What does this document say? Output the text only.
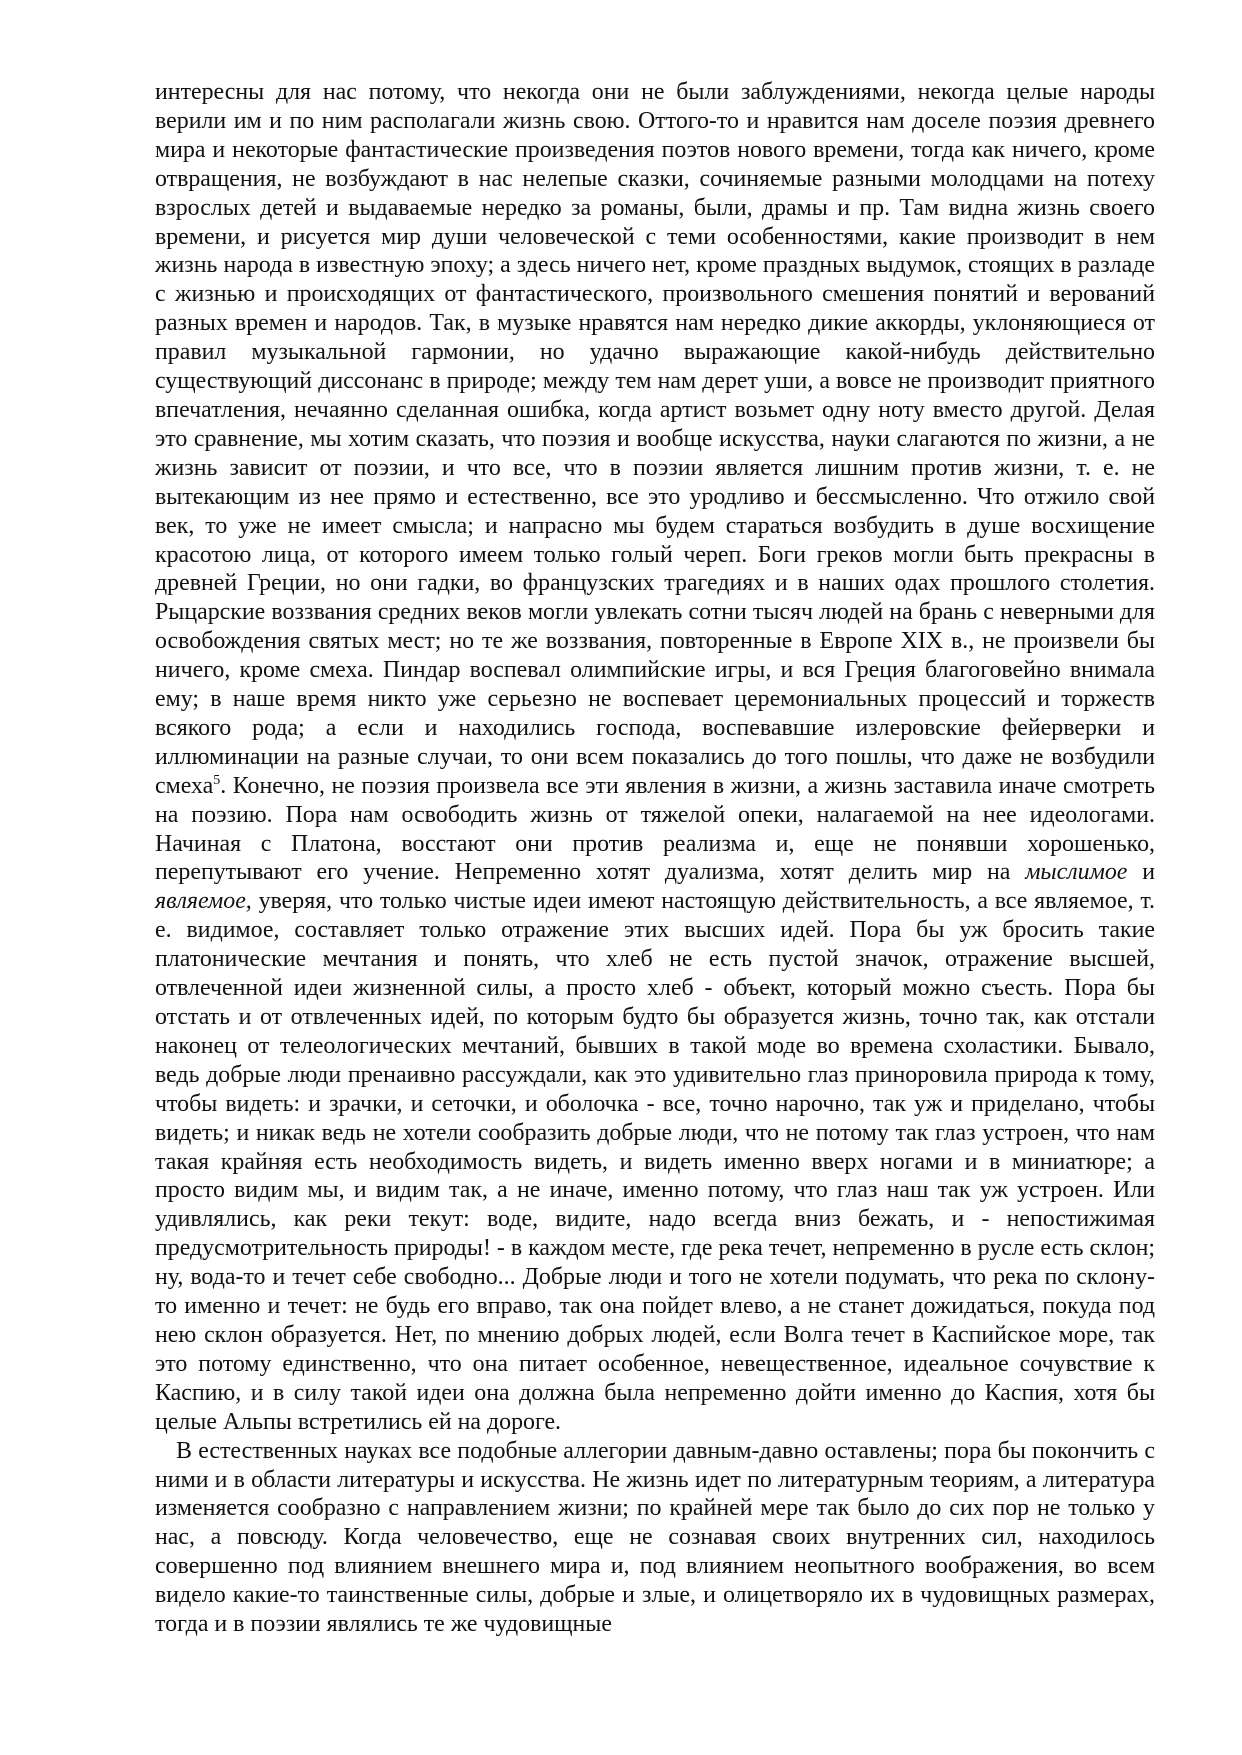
интересны для нас потому, что некогда они не были заблуждениями, некогда целые народы верили им и по ним располагали жизнь свою. Оттого-то и нравится нам доселе поэзия древнего мира и некоторые фантастические произведения поэтов нового времени, тогда как ничего, кроме отвращения, не возбуждают в нас нелепые сказки, сочиняемые разными молодцами на потеху взрослых детей и выдаваемые нередко за романы, были, драмы и пр. Там видна жизнь своего времени, и рисуется мир души человеческой с теми особенностями, какие производит в нем жизнь народа в известную эпоху; а здесь ничего нет, кроме праздных выдумок, стоящих в разладе с жизнью и происходящих от фантастического, произвольного смешения понятий и верований разных времен и народов. Так, в музыке нравятся нам нередко дикие аккорды, уклоняющиеся от правил музыкальной гармонии, но удачно выражающие какой-нибудь действительно существующий диссонанс в природе; между тем нам дерет уши, а вовсе не производит приятного впечатления, нечаянно сделанная ошибка, когда артист возьмет одну ноту вместо другой. Делая это сравнение, мы хотим сказать, что поэзия и вообще искусства, науки слагаются по жизни, а не жизнь зависит от поэзии, и что все, что в поэзии является лишним против жизни, т. е. не вытекающим из нее прямо и естественно, все это уродливо и бессмысленно. Что отжило свой век, то уже не имеет смысла; и напрасно мы будем стараться возбудить в душе восхищение красотою лица, от которого имеем только голый череп. Боги греков могли быть прекрасны в древней Греции, но они гадки, во французских трагедиях и в наших одах прошлого столетия. Рыцарские воззвания средних веков могли увлекать сотни тысяч людей на брань с неверными для освобождения святых мест; но те же воззвания, повторенные в Европе XIX в., не произвели бы ничего, кроме смеха. Пиндар воспевал олимпийские игры, и вся Греция благоговейно внимала ему; в наше время никто уже серьезно не воспевает церемониальных процессий и торжеств всякого рода; а если и находились господа, воспевавшие излеровские фейерверки и иллюминации на разные случаи, то они всем показались до того пошлы, что даже не возбудили смеха$^5$. Конечно, не поэзия произвела все эти явления в жизни, а жизнь заставила иначе смотреть на поэзию. Пора нам освободить жизнь от тяжелой опеки, налагаемой на нее идеологами. Начиная с Платона, восстают они против реализма и, еще не понявши хорошенько, перепутывают его учение. Непременно хотят дуализма, хотят делить мир на мыслимое и являемое, уверяя, что только чистые идеи имеют настоящую действительность, а все являемое, т. е. видимое, составляет только отражение этих высших идей. Пора бы уж бросить такие платонические мечтания и понять, что хлеб не есть пустой значок, отражение высшей, отвлеченной идеи жизненной силы, а просто хлеб - объект, который можно съесть. Пора бы отстать и от отвлеченных идей, по которым будто бы образуется жизнь, точно так, как отстали наконец от телеологических мечтаний, бывших в такой моде во времена схоластики. Бывало, ведь добрые люди пренаивно рассуждали, как это удивительно глаз приноровила природа к тому, чтобы видеть: и зрачки, и сеточки, и оболочка - все, точно нарочно, так уж и приделано, чтобы видеть; и никак ведь не хотели сообразить добрые люди, что не потому так глаз устроен, что нам такая крайняя есть необходимость видеть, и видеть именно вверх ногами и в миниатюре; а просто видим мы, и видим так, а не иначе, именно потому, что глаз наш так уж устроен. Или удивлялись, как реки текут: воде, видите, надо всегда вниз бежать, и - непостижимая предусмотрительность природы! - в каждом месте, где река течет, непременно в русле есть склон; ну, вода-то и течет себе свободно... Добрые люди и того не хотели подумать, что река по склону-то именно и течет: не будь его вправо, так она пойдет влево, а не станет дожидаться, покуда под нею склон образуется. Нет, по мнению добрых людей, если Волга течет в Каспийское море, так это потому единственно, что она питает особенное, невещественное, идеальное сочувствие к Каспию, и в силу такой идеи она должна была непременно дойти именно до Каспия, хотя бы целые Альпы встретились ей на дороге.

В естественных науках все подобные аллегории давным-давно оставлены; пора бы покончить с ними и в области литературы и искусства. Не жизнь идет по литературным теориям, а литература изменяется сообразно с направлением жизни; по крайней мере так было до сих пор не только у нас, а повсюду. Когда человечество, еще не сознавая своих внутренних сил, находилось совершенно под влиянием внешнего мира и, под влиянием неопытного воображения, во всем видело какие-то таинственные силы, добрые и злые, и олицетворяло их в чудовищных размерах, тогда и в поэзии являлись те же чудовищные
